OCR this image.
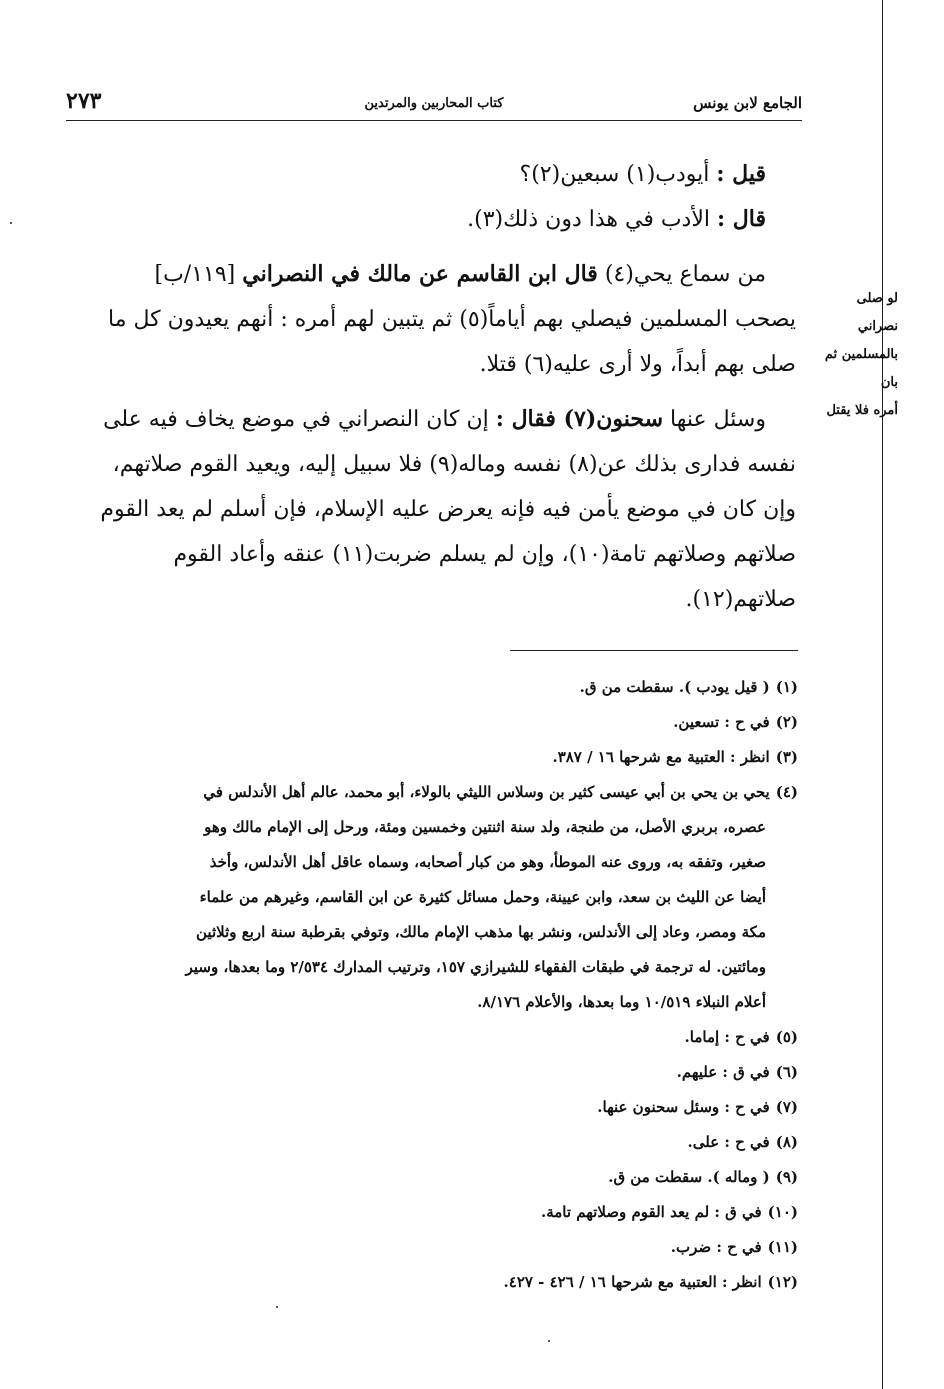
الجامع لابن يونس
كتاب المحاربين والمرتدين
٢٧٣

قيل : أيودب(١) سبعين(٢)؟

قال : الأدب في هذا دون ذلك(٣).

من سماع يحي(٤) قال ابن القاسم عن مالك في النصراني [١١٩/ب]
يصحب المسلمين فيصلي بهم أياماً(٥) ثم يتبين لهم أمره : أنهم يعيدون كل ما
صلى بهم أبداً، ولا أرى عليه(٦) قتلا.
وسئل عنها سحنون(٧) فقال : إن كان النصراني في موضع يخاف فيه على
نفسه فدارى بذلك عن(٨) نفسه وماله(٩) فلا سبيل إليه، ويعيد القوم صلاتهم،
وإن كان في موضع يأمن فيه فإنه يعرض عليه الإسلام، فإن أسلم لم يعد القوم
صلاتهم وصلاتهم تامة(١٠)، وإن لم يسلم ضربت(١١) عنقه وأعاد القوم
صلاتهم(١٢).
لو صلى نصراني
بالمسلمين ثم بان
أمره فلا يقتل

(١)( قيل يودب ). سقطت من ق.

(٢)في ح : تسعين.

(٣)انظر : العتبية مع شرحها ١٦ / ٣٨٧.

(٤)يحي بن يحي بن أبي عيسى كثير بن وسلاس الليثي بالولاء، أبو محمد، عالم أهل الأندلس في

عصره، بربري الأصل، من طنجة، ولد سنة اثنتين وخمسين ومئة، ورحل إلى الإمام مالك وهو

صغير، وتفقه به، وروى عنه الموطأ، وهو من كبار أصحابه، وسماه عاقل أهل الأندلس، وأخذ

أيضا عن الليث بن سعد، وابن عيينة، وحمل مسائل كثيرة عن ابن القاسم، وغيرهم من علماء

مكة ومصر، وعاد إلى الأندلس، ونشر بها مذهب الإمام مالك، وتوفي بقرطبة سنة اربع وثلاثين

ومائتين. له ترجمة في طبقات الفقهاء للشيرازي ١٥٧، وترتيب المدارك ٢/٥٣٤ وما بعدها، وسير

أعلام النبلاء ١٠/٥١٩ وما بعدها، والأعلام ٨/١٧٦.

(٥)في ح : إماما.

(٦)في ق : عليهم.

(٧)في ح : وسئل سحنون عنها.

(٨)في ح : على.

(٩)( وماله ). سقطت من ق.

(١٠)في ق : لم يعد القوم وصلاتهم تامة.

(١١)في ح : ضرب.

(١٢)انظر : العتبية مع شرحها ١٦ / ٤٢٦ - ٤٢٧.
